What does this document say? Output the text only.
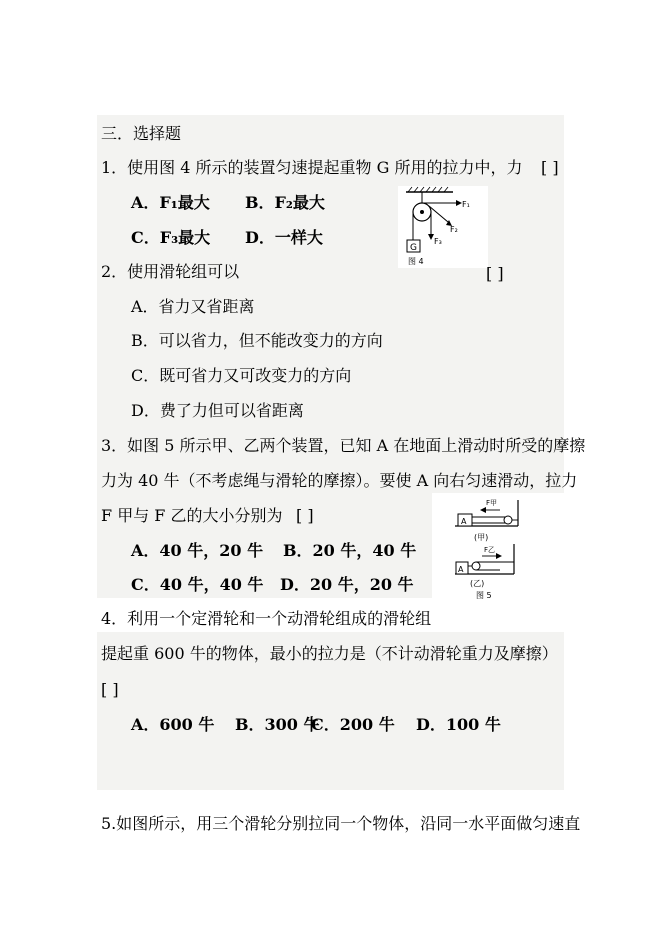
三．选择题
1．使用图 4 所示的装置匀速提起重物 G 所用的拉力中，力 [ ]
A．F₁最大 B．F₂最大
C．F₃最大 D．一样大
G
F₁
F₂
F₃
图 4
2．使用滑轮组可以	[ ]
A．省力又省距离
B．可以省力，但不能改变力的方向
C．既可省力又可改变力的方向
D．费了力但可以省距离
3．如图 5 所示甲、乙两个装置，已知 A 在地面上滑动时所受的摩擦
力为 40 牛（不考虑绳与滑轮的摩擦）。要使 A 向右匀速滑动，拉力
F 甲与 F 乙的大小分别为 [ ]
A．40 牛，20 牛 B．20 牛，40 牛
C．40 牛，40 牛 D．20 牛，20 牛
A
F甲
(甲)
A
F乙
(乙)
图 5
4．利用一个定滑轮和一个动滑轮组成的滑轮组
提起重 600 牛的物体，最小的拉力是（不计动滑轮重力及摩擦）
[ ]
A．600 牛 B．300 牛
C．200 牛 D．100 牛
5.如图所示，用三个滑轮分别拉同一个物体，沿同一水平面做匀速直
